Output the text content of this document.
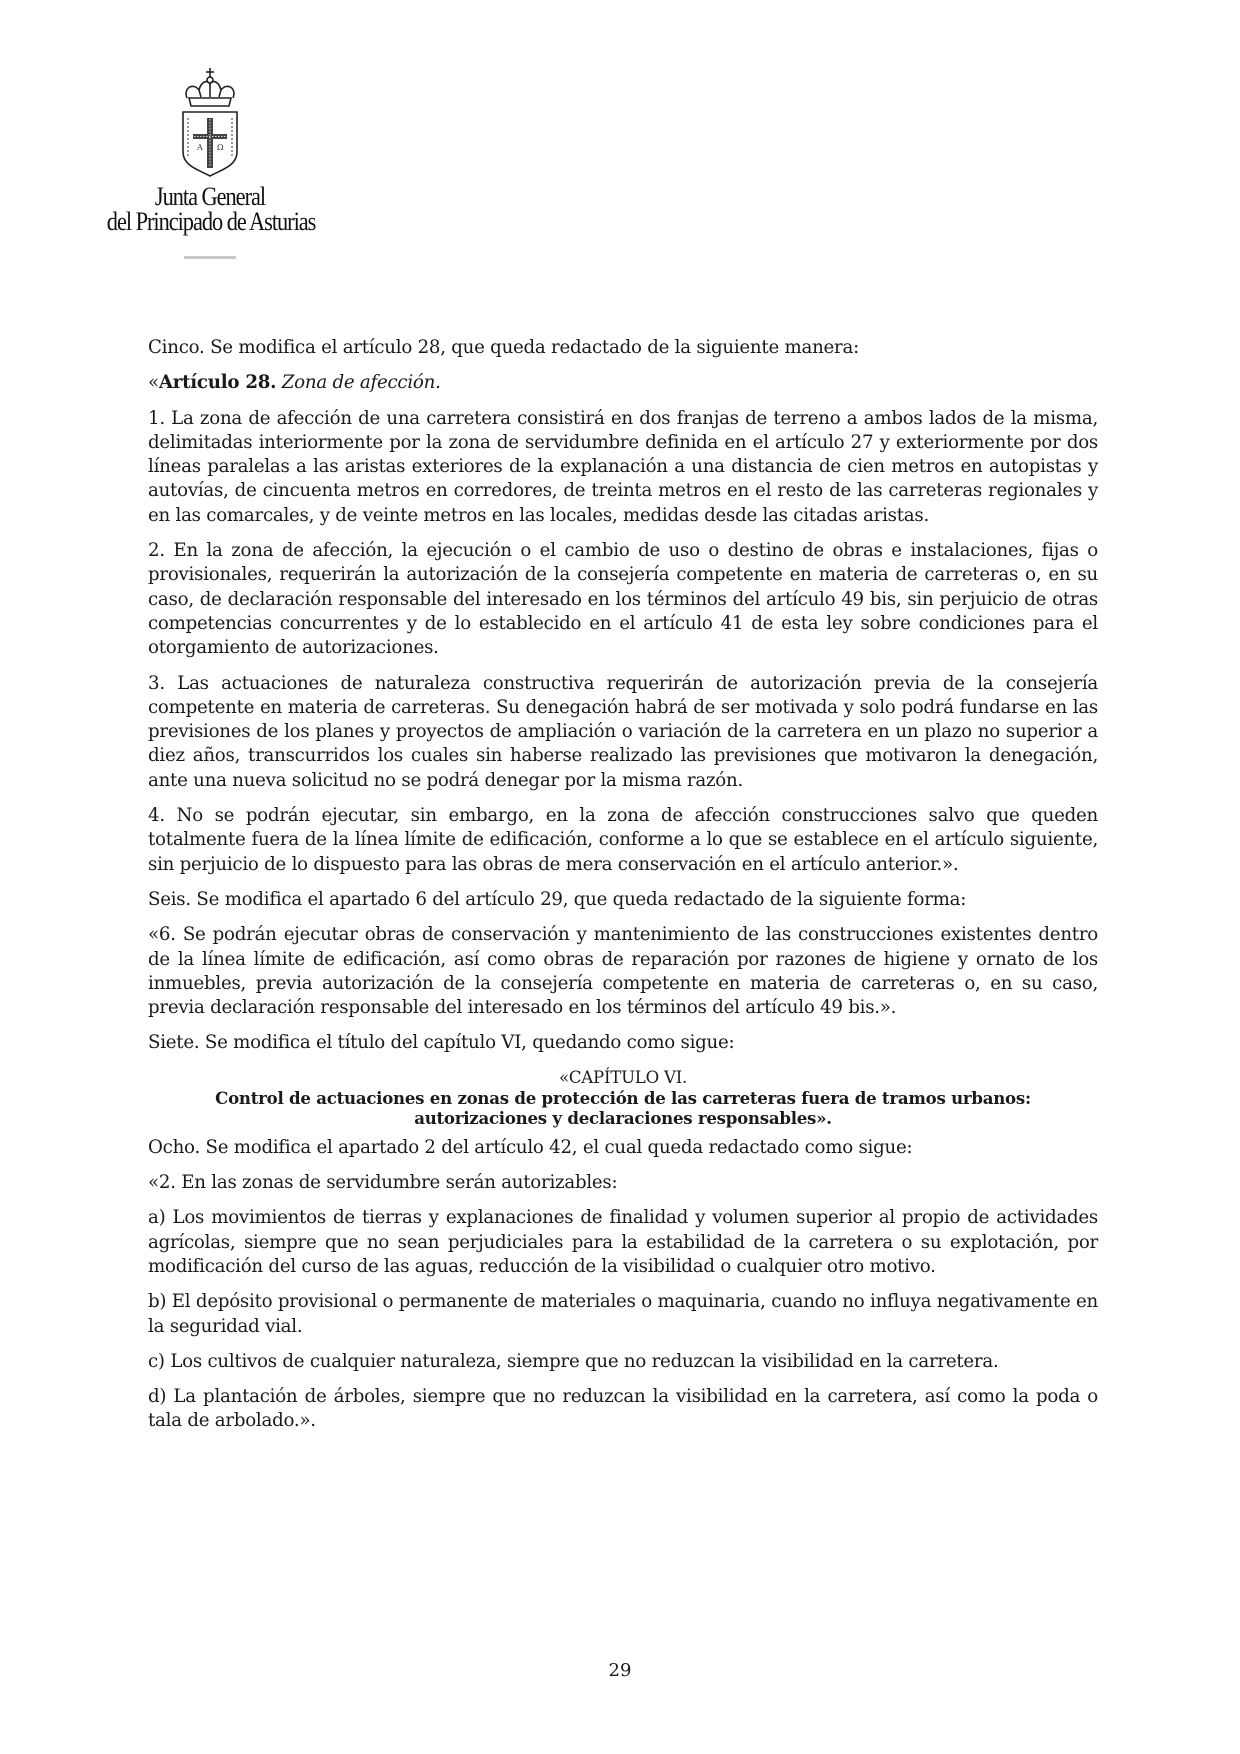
A Ω
Junta General
del Principado de Asturias

Cinco. Se modifica el artículo 28, que queda redactado de la siguiente manera:

«Artículo 28. Zona de afección.

1. La zona de afección de una carretera consistirá en dos franjas de terreno a ambos lados de la misma, delimitadas interiormente por la zona de servidumbre definida en el artículo 27 y exteriormente por dos líneas paralelas a las aristas exteriores de la explanación a una distancia de cien metros en autopistas y autovías, de cincuenta metros en corredores, de treinta metros en el resto de las carreteras regionales y en las comarcales, y de veinte metros en las locales, medidas desde las citadas aristas.

2. En la zona de afección, la ejecución o el cambio de uso o destino de obras e instalaciones, fijas o provisionales, requerirán la autorización de la consejería competente en materia de carreteras o, en su caso, de declaración responsable del interesado en los términos del artículo 49 bis, sin perjuicio de otras competencias concurrentes y de lo establecido en el artículo 41 de esta ley sobre condiciones para el otorgamiento de autorizaciones.

3. Las actuaciones de naturaleza constructiva requerirán de autorización previa de la consejería competente en materia de carreteras. Su denegación habrá de ser motivada y solo podrá fundarse en las previsiones de los planes y proyectos de ampliación o variación de la carretera en un plazo no superior a diez años, transcurridos los cuales sin haberse realizado las previsiones que motivaron la denegación, ante una nueva solicitud no se podrá denegar por la misma razón.

4. No se podrán ejecutar, sin embargo, en la zona de afección construcciones salvo que queden totalmente fuera de la línea límite de edificación, conforme a lo que se establece en el artículo siguiente, sin perjuicio de lo dispuesto para las obras de mera conservación en el artículo anterior.».

Seis. Se modifica el apartado 6 del artículo 29, que queda redactado de la siguiente forma:

«6. Se podrán ejecutar obras de conservación y mantenimiento de las construcciones existentes dentro de la línea límite de edificación, así como obras de reparación por razones de higiene y ornato de los inmuebles, previa autorización de la consejería competente en materia de carreteras o, en su caso, previa declaración responsable del interesado en los términos del artículo 49 bis.».

Siete. Se modifica el título del capítulo VI, quedando como sigue:

«CAPÍTULO VI.
Control de actuaciones en zonas de protección de las carreteras fuera de tramos urbanos:
autorizaciones y declaraciones responsables».

Ocho. Se modifica el apartado 2 del artículo 42, el cual queda redactado como sigue:

«2. En las zonas de servidumbre serán autorizables:

a) Los movimientos de tierras y explanaciones de finalidad y volumen superior al propio de actividades agrícolas, siempre que no sean perjudiciales para la estabilidad de la carretera o su explotación, por modificación del curso de las aguas, reducción de la visibilidad o cualquier otro motivo.

b) El depósito provisional o permanente de materiales o maquinaria, cuando no influya negativamente en la seguridad vial.

c) Los cultivos de cualquier naturaleza, siempre que no reduzcan la visibilidad en la carretera.

d) La plantación de árboles, siempre que no reduzcan la visibilidad en la carretera, así como la poda o tala de arbolado.».

29
